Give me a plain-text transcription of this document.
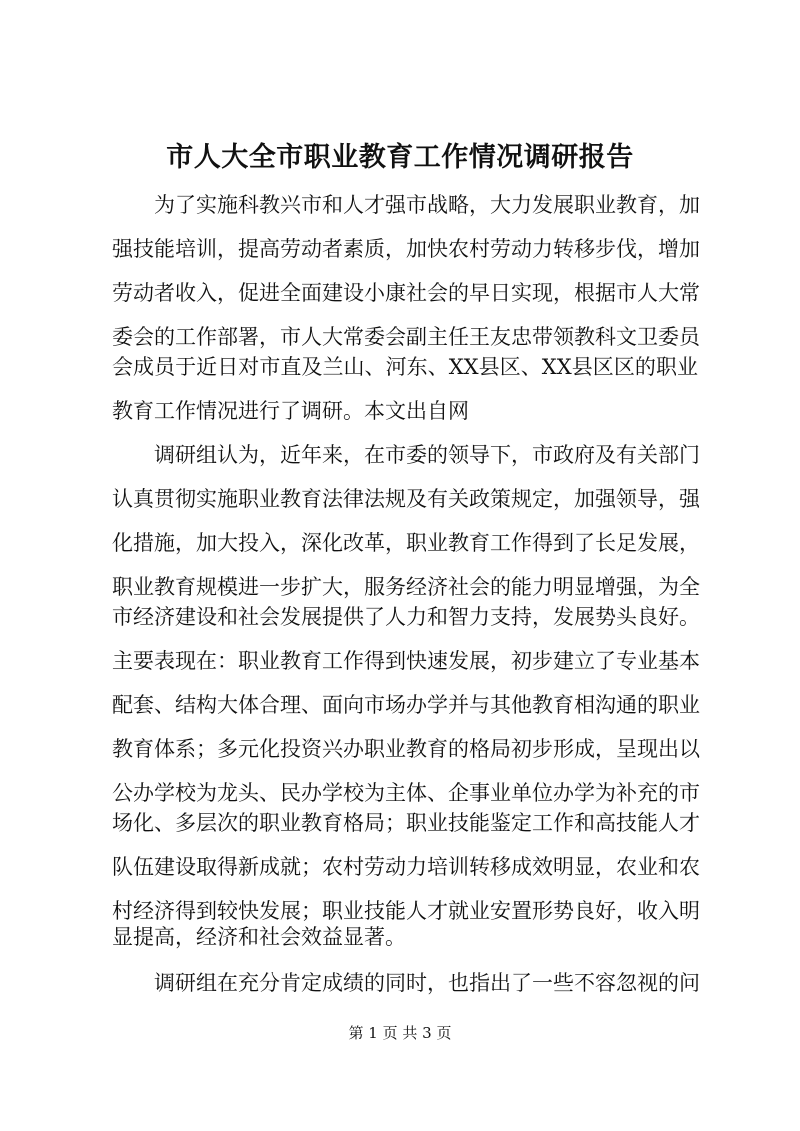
市人大全市职业教育工作情况调研报告
为了实施科教兴市和人才强市战略，大力发展职业教育，加
强技能培训，提高劳动者素质，加快农村劳动力转移步伐，增加
劳动者收入，促进全面建设小康社会的早日实现，根据市人大常
委会的工作部署，市人大常委会副主任王友忠带领教科文卫委员
会成员于近日对市直及兰山、河东、XX县区、XX县区区的职业
教育工作情况进行了调研。本文出自网
调研组认为，近年来，在市委的领导下，市政府及有关部门
认真贯彻实施职业教育法律法规及有关政策规定，加强领导，强
化措施，加大投入，深化改革，职业教育工作得到了长足发展，
职业教育规模进一步扩大，服务经济社会的能力明显增强，为全
市经济建设和社会发展提供了人力和智力支持，发展势头良好。
主要表现在：职业教育工作得到快速发展，初步建立了专业基本
配套、结构大体合理、面向市场办学并与其他教育相沟通的职业
教育体系；多元化投资兴办职业教育的格局初步形成，呈现出以
公办学校为龙头、民办学校为主体、企事业单位办学为补充的市
场化、多层次的职业教育格局；职业技能鉴定工作和高技能人才
队伍建设取得新成就；农村劳动力培训转移成效明显，农业和农
村经济得到较快发展；职业技能人才就业安置形势良好，收入明
显提高，经济和社会效益显著。
调研组在充分肯定成绩的同时，也指出了一些不容忽视的问
第 1 页 共 3 页
